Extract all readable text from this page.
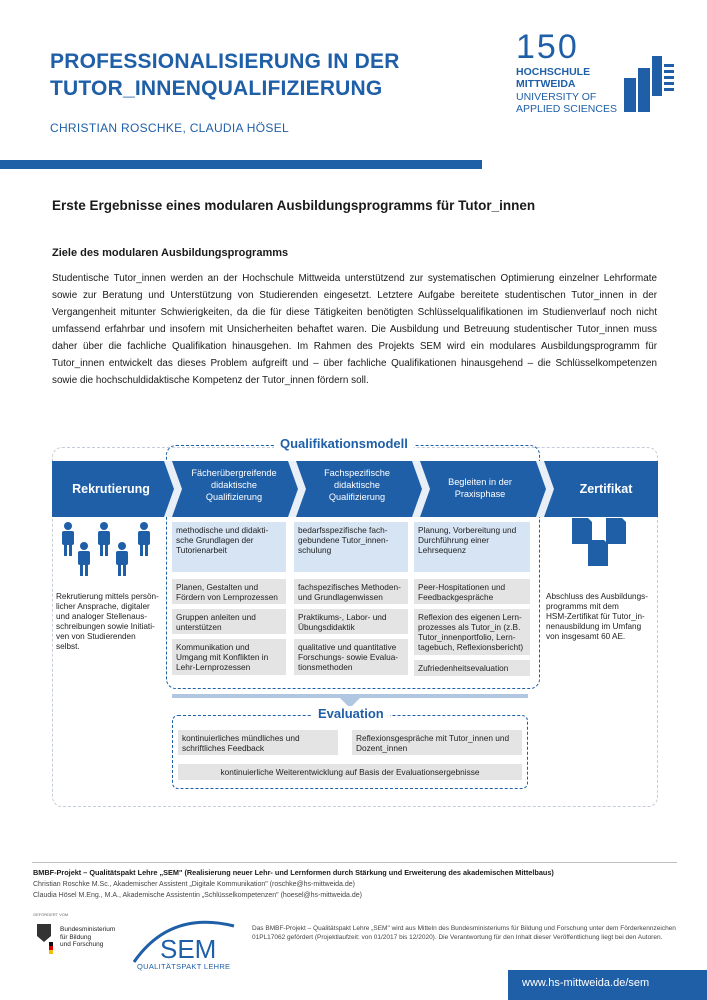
PROFESSIONALISIERUNG IN DER
TUTOR_INNENQUALIFIZIERUNG
CHRISTIAN ROSCHKE, CLAUDIA HÖSEL
150
HOCHSCHULE
MITTWEIDA
UNIVERSITY OF
APPLIED SCIENCES
Erste Ergebnisse eines modularen Ausbildungsprogramms für Tutor_innen
Ziele des modularen Ausbildungsprogramms

Studentische Tutor_innen werden an der Hochschule Mittweida unterstützend zur systematischen Optimierung einzelner Lehrformate sowie zur Beratung und Unterstützung von Studierenden eingesetzt. Letztere Aufgabe bereitete studentischen Tutor_innen in der Vergangenheit mitunter Schwierigkeiten, da die für diese Tätigkeiten benötigten Schlüsselqualifikationen im Studienverlauf noch nicht umfassend erfahrbar und insofern mit Unsicherheiten behaftet waren. Die Ausbildung und Betreuung studentischer Tutor_innen muss daher über die fachliche Qualifikation hinausgehen. Im Rahmen des Projekts SEM wird ein modulares Ausbildungsprogramm für Tutor_innen entwickelt das dieses Problem aufgreift und – über fachliche Qualifikationen hinausgehend – die Schlüsselkompetenzen sowie die hochschuldidaktische Kompetenz der Tutor_innen fördern soll.

Qualifikationsmodell
Rekrutierung
Fächerübergreifende
didaktische
Qualifizierung
Fachspezifische
didaktische
Qualifizierung
Begleiten in der
Praxisphase	Zertifikat
Rekrutierung mittels persön-
licher Ansprache, digitaler
und analoger Stellenaus-
schreibungen sowie Initiati-
ven von Studierenden
selbst.
Abschluss des Ausbildungs-
programms mit dem
HSM-Zertifikat für Tutor_in-
nenausbildung im Umfang
von insgesamt 60 AE.
methodische und didakti-
sche Grundlagen der
Tutorienarbeit
Planen, Gestalten und
Fördern von Lernprozessen
Gruppen anleiten und
unterstützen
Kommunikation und
Umgang mit Konflikten in
Lehr-Lernprozessen
bedarfsspezifische fach-
gebundene Tutor_innen-
schulung
fachspezifisches Methoden-
und Grundlagenwissen
Praktikums-, Labor- und
Übungsdidaktik
qualitative und quantitative
Forschungs- sowie Evalua-
tionsmethoden
Planung, Vorbereitung und
Durchführung einer
Lehrsequenz
Peer-Hospitationen und
Feedbackgespräche
Reflexion des eigenen Lern-
prozesses als Tutor_in (z.B.
Tutor_innenportfolio, Lern-
tagebuch, Reflexionsbericht)
Zufriedenheitsevaluation
Evaluation
kontinuierliches mündliches und
schriftliches Feedback
Reflexionsgespräche mit Tutor_innen und
Dozent_innen
kontinuierliche Weiterentwicklung auf Basis der Evaluationsergebnisse
BMBF-Projekt – Qualitätspakt Lehre „SEM" (Realisierung neuer Lehr- und Lernformen durch Stärkung und Erweiterung des akademischen Mittelbaus)
Christian Roschke M.Sc., Akademischer Assistent „Digitale Kommunikation" (roschke@hs-mittweida.de)
Claudia Hösel M.Eng., M.A., Akademische Assistentin „Schlüsselkompetenzen" (hoesel@hs-mittweida.de)
GEFÖRDERT VOM
Bundesministerium
für Bildung
und Forschung	SEM
QUALITÄTSPAKT LEHRE
Das BMBF-Projekt – Qualitätspakt Lehre „SEM" wird aus Mitteln des Bundesministeriums für Bildung und Forschung unter dem Förderkennzeichen 01PL17062 gefördert (Projektlaufzeit: von 01/2017 bis 12/2020). Die Verantwortung für den Inhalt dieser Veröffentlichung liegt bei den Autoren.
www.hs-mittweida.de/sem
